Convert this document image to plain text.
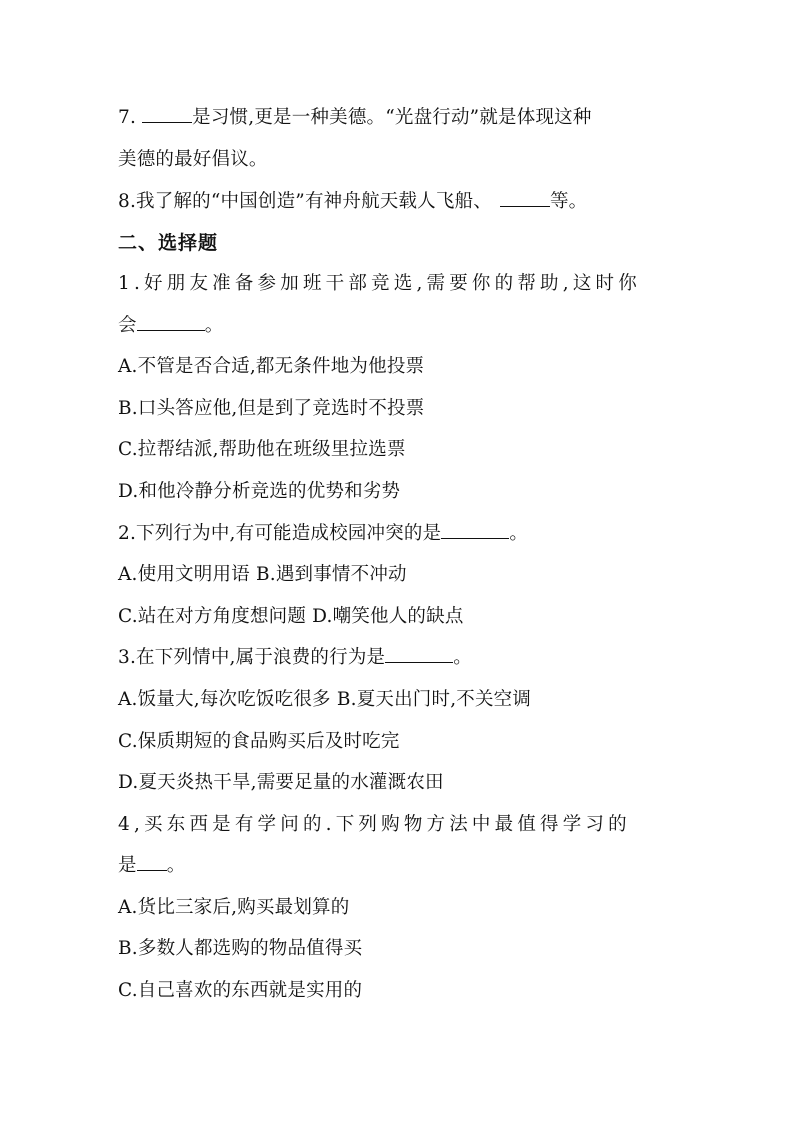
7.	是习惯,更是一种美德。“光盘行动”就是体现这种
美德的最好倡议。
8.我了解的“中国创造”有神舟航天载人飞船、	等。
二、选择题
1.好朋友准备参加班干部竞选,需要你的帮助,这时你
会	。
A.不管是否合适,都无条件地为他投票
B.口头答应他,但是到了竞选时不投票
C.拉帮结派,帮助他在班级里拉选票
D.和他冷静分析竞选的优势和劣势
2.下列行为中,有可能造成校园冲突的是	。
A.使用文明用语 B.遇到事情不冲动
C.站在对方角度想问题 D.嘲笑他人的缺点
3.在下列情中,属于浪费的行为是	。
A.饭量大,每次吃饭吃很多 B.夏天出门时,不关空调
C.保质期短的食品购买后及时吃完
D.夏天炎热干旱,需要足量的水灌溉农田
4,买东西是有学问的.下列购物方法中最值得学习的
是 。
A.货比三家后,购买最划算的
B.多数人都选购的物品值得买
C.自己喜欢的东西就是实用的
